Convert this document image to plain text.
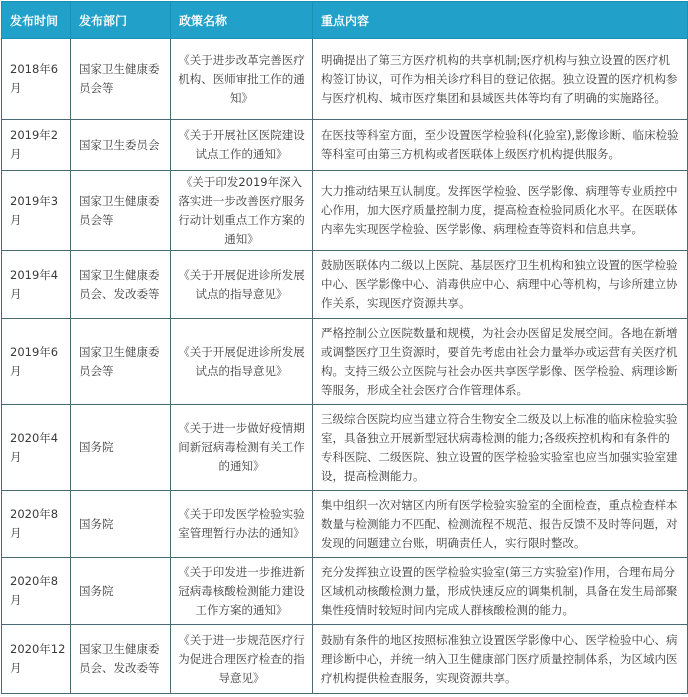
发布时间	发布部门	政策名称	重点内容
2018年6月	国家卫生健康委员会等	《关于进步改革完善医疗机构、医师审批工作的通知》	明确提出了第三方医疗机构的共享机制;医疗机构与独立设置的医疗机构签订协议，可作为相关诊疗科目的登记依据。独立设置的医疗机构参与医疗机构、城市医疗集团和县域医共体等均有了明确的实施路径。
2019年2月	国家卫生委员会	《关于开展社区医院建设试点工作的通知》	在医技等科室方面，至少设置医学检验科(化验室),影像诊断、临床检验等科室可由第三方机构或者医联体上级医疗机构提供服务。
2019年3月	国家卫生健康委员会等	《关于印发2019年深入落实进一步改善医疗服务行动计划重点工作方案的通知》	大力推动结果互认制度。发挥医学检验、医学影像、病理等专业质控中心作用，加大医疗质量控制力度，提高检查检验同质化水平。在医联体内率先实现医学检验、医学影像、病理检查等资料和信息共享。
2019年4月	国家卫生健康委员会、发改委等	《关于开展促进诊所发展试点的指导意见》	鼓励医联体内二级以上医院、基层医疗卫生机构和独立设置的医学检验中心、医学影像中心、消毒供应中心、病理中心等机构，与诊所建立协作关系，实现医疗资源共享。
2019年6月	国家卫生健康委员会等	《关于开展促进诊所发展试点的指导意见》	严格控制公立医院数量和规模，为社会办医留足发展空间。各地在新增或调整医疗卫生资源时，要首先考虑由社会力量举办或运营有关医疗机构。支持三级公立医院与社会办医共享医学影像、医学检验、病理诊断等服务，形成全社会医疗合作管理体系。
2020年4月	国务院	《关于进一步做好疫情期间新冠病毒检测有关工作的通知》	三级综合医院均应当建立符合生物安全二级及以上标准的临床检验实验室，具备独立开展新型冠状病毒检测的能力;各级疾控机构和有条件的专科医院、二级医院、独立设置的医学检验实验室也应当加强实验室建设，提高检测能力。
2020年8月	国务院	《关于印发医学检验实验室管理暂行办法的通知》	集中组织一次对辖区内所有医学检验实验室的全面检查，重点检查样本数量与检测能力不匹配、检测流程不规范、报告反馈不及时等问题，对发现的问题建立台账，明确责任人，实行限时整改。
2020年8月	国务院	《关于印发进一步推进新冠病毒核酸检测能力建设工作方案的通知》	充分发挥独立设置的医学检验实验室(第三方实验室)作用，合理布局分区域机动核酸检测力量，形成快速反应的调集机制，具备在发生局部聚集性疫情时较短时间内完成人群核酸检测的能力。
2020年12月	国家卫生健康委员会、发改委等	《关于进一步规范医疗行为促进合理医疗检查的指导意见》	鼓励有条件的地区按照标准独立设置医学影像中心、医学检验中心、病理诊断中心，并统一纳入卫生健康部门医疗质量控制体系，为区域内医疗机构提供检查服务，实现资源共享。
